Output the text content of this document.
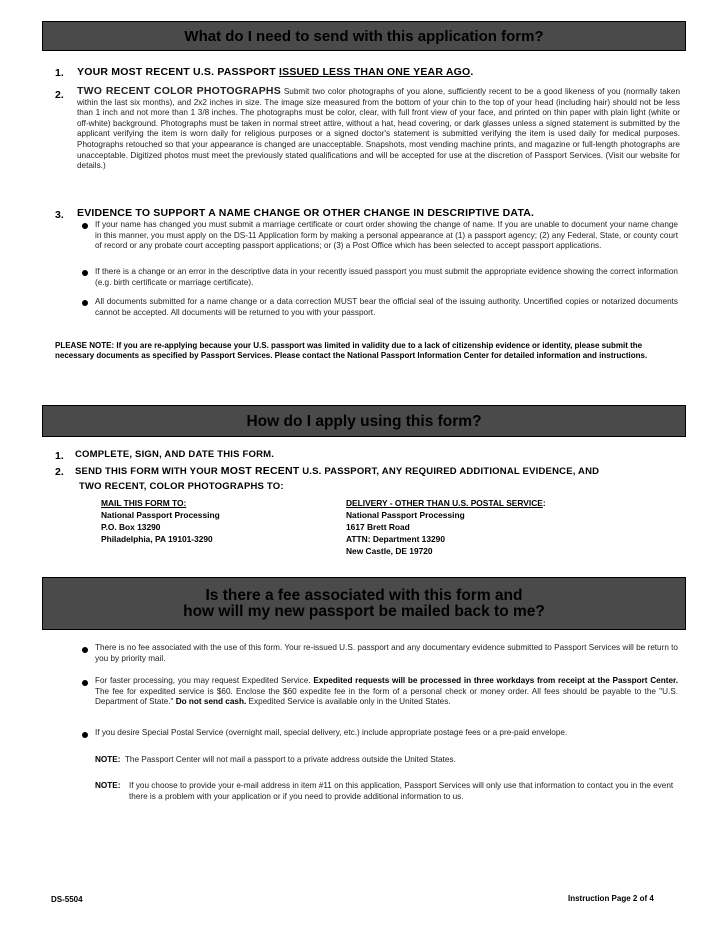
What do I need to send with this application form?
1. YOUR MOST RECENT U.S. PASSPORT ISSUED LESS THAN ONE YEAR AGO.
2. TWO RECENT COLOR PHOTOGRAPHS Submit two color photographs of you alone, sufficiently recent to be a good likeness of you (normally taken within the last six months), and 2x2 inches in size. The image size measured from the bottom of your chin to the top of your head (including hair) should not be less than 1 inch and not more than 1 3/8 inches. The photographs must be color, clear, with full front view of your face, and printed on thin paper with plain light (white or off-white) background. Photographs must be taken in normal street attire, without a hat, head covering, or dark glasses unless a signed statement is submitted by the applicant verifying the item is worn daily for religious purposes or a signed doctor's statement is submitted verifying the item is used daily for medical purposes. Photographs retouched so that your appearance is changed are unacceptable. Snapshots, most vending machine prints, and magazine or full-length photographs are unacceptable. Digitized photos must meet the previously stated qualifications and will be accepted for use at the discretion of Passport Services. (Visit our website for details.)
3. EVIDENCE TO SUPPORT A NAME CHANGE OR OTHER CHANGE IN DESCRIPTIVE DATA.
If your name has changed you must submit a marriage certificate or court order showing the change of name. If you are unable to document your name change in this manner, you must apply on the DS-11 Application form by making a personal appearance at (1) a passport agency; (2) any Federal, State, or county court of record or any probate court accepting passport applications; or (3) a Post Office which has been selected to accept passport applications.
If there is a change or an error in the descriptive data in your recently issued passport you must submit the appropriate evidence showing the correct information (e.g. birth certificate or marriage certificate).
All documents submitted for a name change or a data correction MUST bear the official seal of the issuing authority. Uncertified copies or notarized documents cannot be accepted. All documents will be returned to you with your passport.
PLEASE NOTE: If you are re-applying because your U.S. passport was limited in validity due to a lack of citizenship evidence or identity, please submit the necessary documents as specified by Passport Services. Please contact the National Passport Information Center for detailed information and instructions.
How do I apply using this form?
1. COMPLETE, SIGN, AND DATE THIS FORM.
2. SEND THIS FORM WITH YOUR MOST RECENT U.S. PASSPORT, ANY REQUIRED ADDITIONAL EVIDENCE, AND
TWO RECENT, COLOR PHOTOGRAPHS TO:
MAIL THIS FORM TO:
National Passport Processing
P.O. Box 13290
Philadelphia, PA 19101-3290
DELIVERY - OTHER THAN U.S. POSTAL SERVICE:
National Passport Processing
1617 Brett Road
ATTN: Department 13290
New Castle, DE 19720
Is there a fee associated with this form and
how will my new passport be mailed back to me?
There is no fee associated with the use of this form. Your re-issued U.S. passport and any documentary evidence submitted to Passport Services will be return to you by priority mail.
For faster processing, you may request Expedited Service. Expedited requests will be processed in three workdays from receipt at the Passport Center. The fee for expedited service is $60. Enclose the $60 expedite fee in the form of a personal check or money order. All fees should be payable to the "U.S. Department of State." Do not send cash. Expedited Service is available only in the United States.
If you desire Special Postal Service (overnight mail, special delivery, etc.) include appropriate postage fees or a pre-paid envelope.
NOTE: The Passport Center will not mail a passport to a private address outside the United States.
NOTE:	If you choose to provide your e-mail address in item #11 on this application, Passport Services will only use that information to contact you in the event there is a problem with your application or if you need to provide additional information to us.
DS-5504	Instruction Page 2 of 4
